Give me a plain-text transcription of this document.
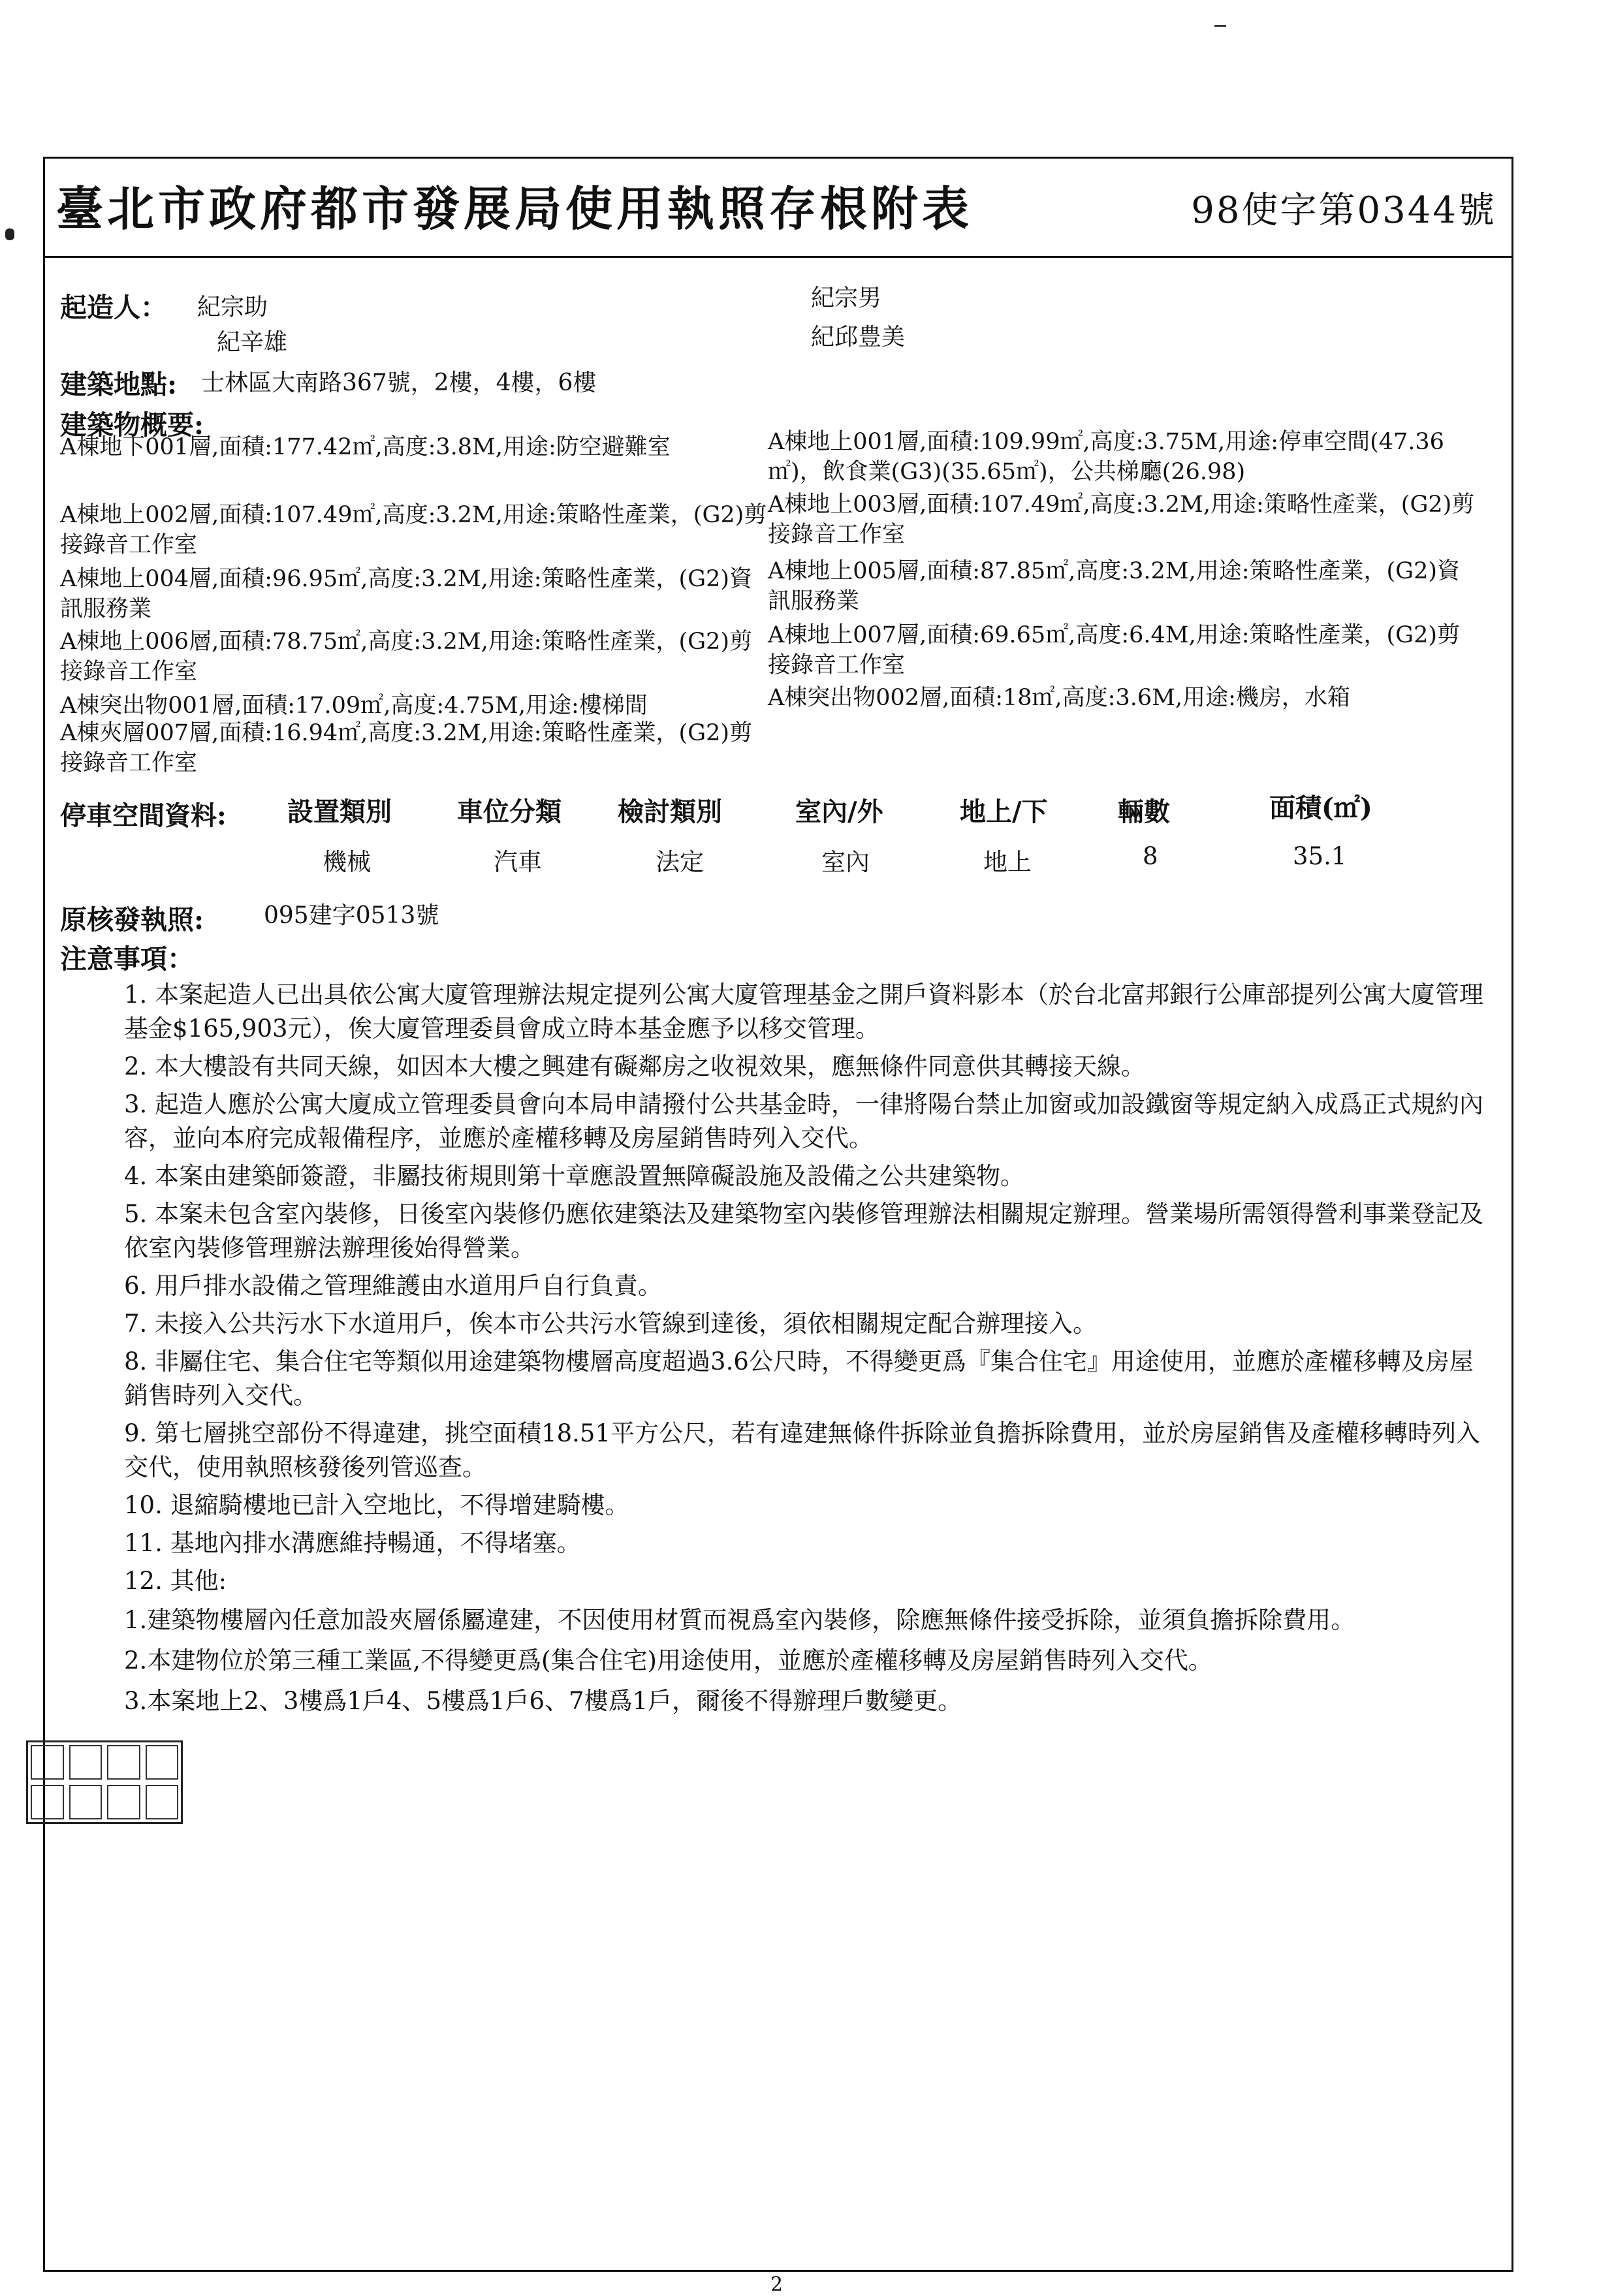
臺北市政府都市發展局使用執照存根附表	98使字第0344號
起造人： 紀宗助
紀辛雄
紀宗男
紀邱豊美
建築地點: 士林區大南路367號，2樓，4樓，6樓
建築物概要:
A棟地下001層,面積:177.42㎡,高度:3.8M,用途:防空避難室
A棟地上002層,面積:107.49㎡,高度:3.2M,用途:策略性產業，(G2)剪接錄音工作室
A棟地上004層,面積:96.95㎡,高度:3.2M,用途:策略性產業，(G2)資訊服務業
A棟地上006層,面積:78.75㎡,高度:3.2M,用途:策略性產業，(G2)剪接錄音工作室
A棟突出物001層,面積:17.09㎡,高度:4.75M,用途:樓梯間
A棟夾層007層,面積:16.94㎡,高度:3.2M,用途:策略性產業，(G2)剪接錄音工作室
A棟地上001層,面積:109.99㎡,高度:3.75M,用途:停車空間(47.36㎡)，飲食業(G3)(35.65㎡)，公共梯廳(26.98)
A棟地上003層,面積:107.49㎡,高度:3.2M,用途:策略性產業，(G2)剪接錄音工作室
A棟地上005層,面積:87.85㎡,高度:3.2M,用途:策略性產業，(G2)資訊服務業
A棟地上007層,面積:69.65㎡,高度:6.4M,用途:策略性產業，(G2)剪接錄音工作室
A棟突出物002層,面積:18㎡,高度:3.6M,用途:機房，水箱
停車空間資料: 設置類別	車位分類 檢討類別	室內/外	地上/下	輛數	面積(㎡)
機械	汽車	法定	室內	地上	8	35.1
原核發執照:	095建字0513號
注意事項：
1. 本案起造人已出具依公寓大廈管理辦法規定提列公寓大廈管理基金之開戶資料影本（於台北富邦銀行公庫部提列公寓大廈管理基金$165,903元），俟大廈管理委員會成立時本基金應予以移交管理。
2. 本大樓設有共同天線，如因本大樓之興建有礙鄰房之收視效果，應無條件同意供其轉接天線。
3. 起造人應於公寓大廈成立管理委員會向本局申請撥付公共基金時，一律將陽台禁止加窗或加設鐵窗等規定納入成爲正式規約內容，並向本府完成報備程序，並應於產權移轉及房屋銷售時列入交代。
4. 本案由建築師簽證，非屬技術規則第十章應設置無障礙設施及設備之公共建築物。
5. 本案未包含室內裝修，日後室內裝修仍應依建築法及建築物室內裝修管理辦法相關規定辦理。營業場所需領得營利事業登記及依室內裝修管理辦法辦理後始得營業。
6. 用戶排水設備之管理維護由水道用戶自行負責。
7. 未接入公共污水下水道用戶，俟本市公共污水管線到達後，須依相關規定配合辦理接入。
8. 非屬住宅、集合住宅等類似用途建築物樓層高度超過3.6公尺時，不得變更爲『集合住宅』用途使用，並應於產權移轉及房屋銷售時列入交代。
9. 第七層挑空部份不得違建，挑空面積18.51平方公尺，若有違建無條件拆除並負擔拆除費用，並於房屋銷售及產權移轉時列入交代，使用執照核發後列管巡查。
10. 退縮騎樓地已計入空地比，不得增建騎樓。
11. 基地內排水溝應維持暢通，不得堵塞。
12. 其他:
1.建築物樓層內任意加設夾層係屬違建，不因使用材質而視爲室內裝修，除應無條件接受拆除，並須負擔拆除費用。
2.本建物位於第三種工業區,不得變更爲(集合住宅)用途使用，並應於產權移轉及房屋銷售時列入交代。
3.本案地上2、3樓爲1戶4、5樓爲1戶6、7樓爲1戶，爾後不得辦理戶數變更。
2
